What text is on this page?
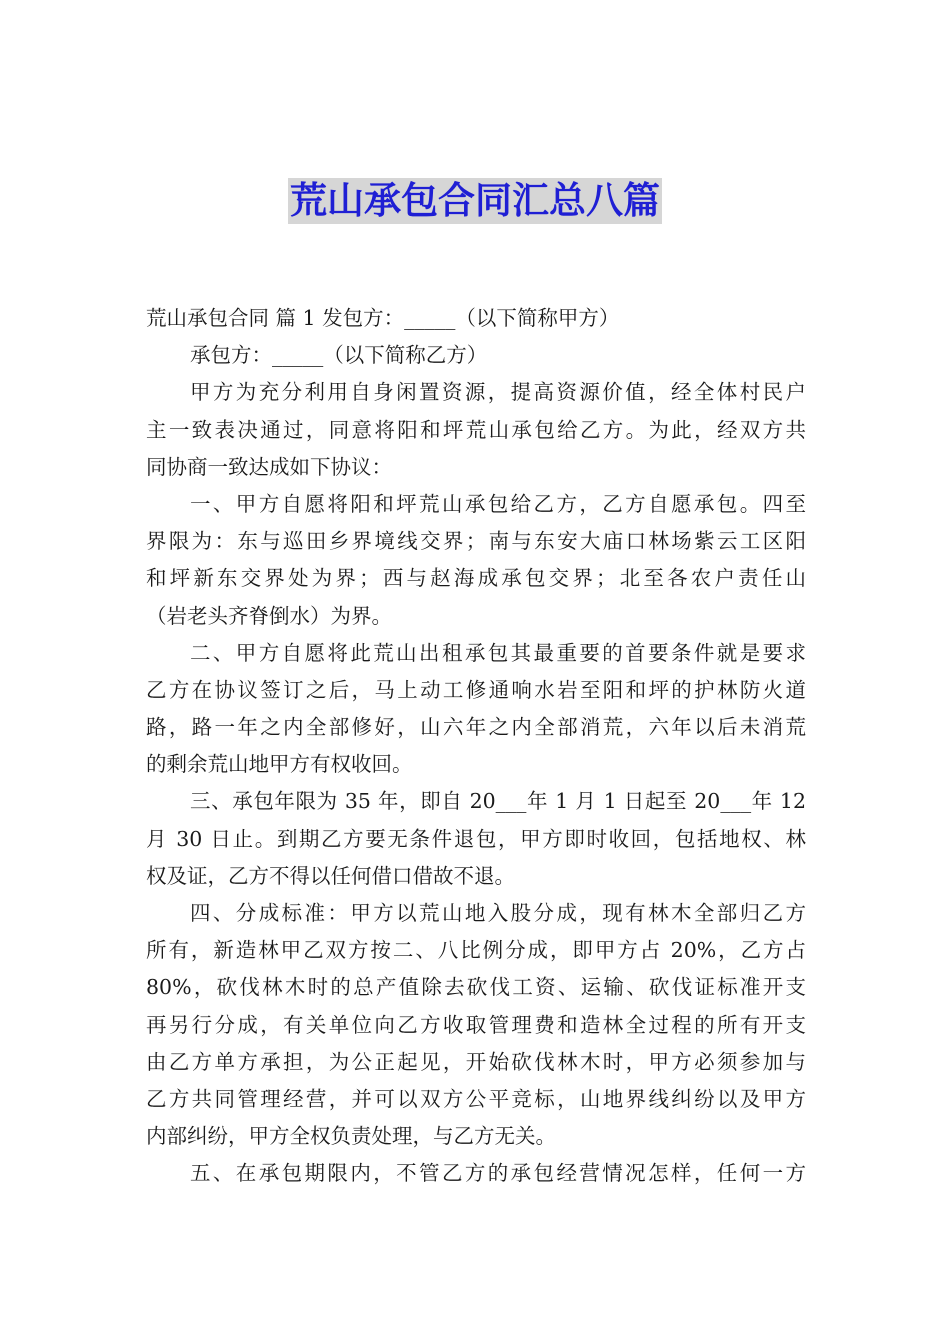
荒山承包合同汇总八篇
荒山承包合同 篇 1 发包方：_____（以下简称甲方）
承包方：_____（以下简称乙方）
甲方为充分利用自身闲置资源，提高资源价值，经全体村民户
主一致表决通过，同意将阳和坪荒山承包给乙方。为此，经双方共
同协商一致达成如下协议：
一、甲方自愿将阳和坪荒山承包给乙方，乙方自愿承包。四至
界限为：东与巡田乡界境线交界；南与东安大庙口林场紫云工区阳
和坪新东交界处为界；西与赵海成承包交界；北至各农户责任山
（岩老头齐脊倒水）为界。
二、甲方自愿将此荒山出租承包其最重要的首要条件就是要求
乙方在协议签订之后，马上动工修通响水岩至阳和坪的护林防火道
路，路一年之内全部修好，山六年之内全部消荒，六年以后未消荒
的剩余荒山地甲方有权收回。
三、承包年限为 35 年，即自 20___年 1 月 1 日起至 20___年 12
月 30 日止。到期乙方要无条件退包，甲方即时收回，包括地权、林
权及证，乙方不得以任何借口借故不退。
四、分成标准：甲方以荒山地入股分成，现有林木全部归乙方
所有，新造林甲乙双方按二、八比例分成，即甲方占 20%，乙方占
80%，砍伐林木时的总产值除去砍伐工资、运输、砍伐证标准开支
再另行分成，有关单位向乙方收取管理费和造林全过程的所有开支
由乙方单方承担，为公正起见，开始砍伐林木时，甲方必须参加与
乙方共同管理经营，并可以双方公平竞标，山地界线纠纷以及甲方
内部纠纷，甲方全权负责处理，与乙方无关。
五、在承包期限内，不管乙方的承包经营情况怎样，任何一方
